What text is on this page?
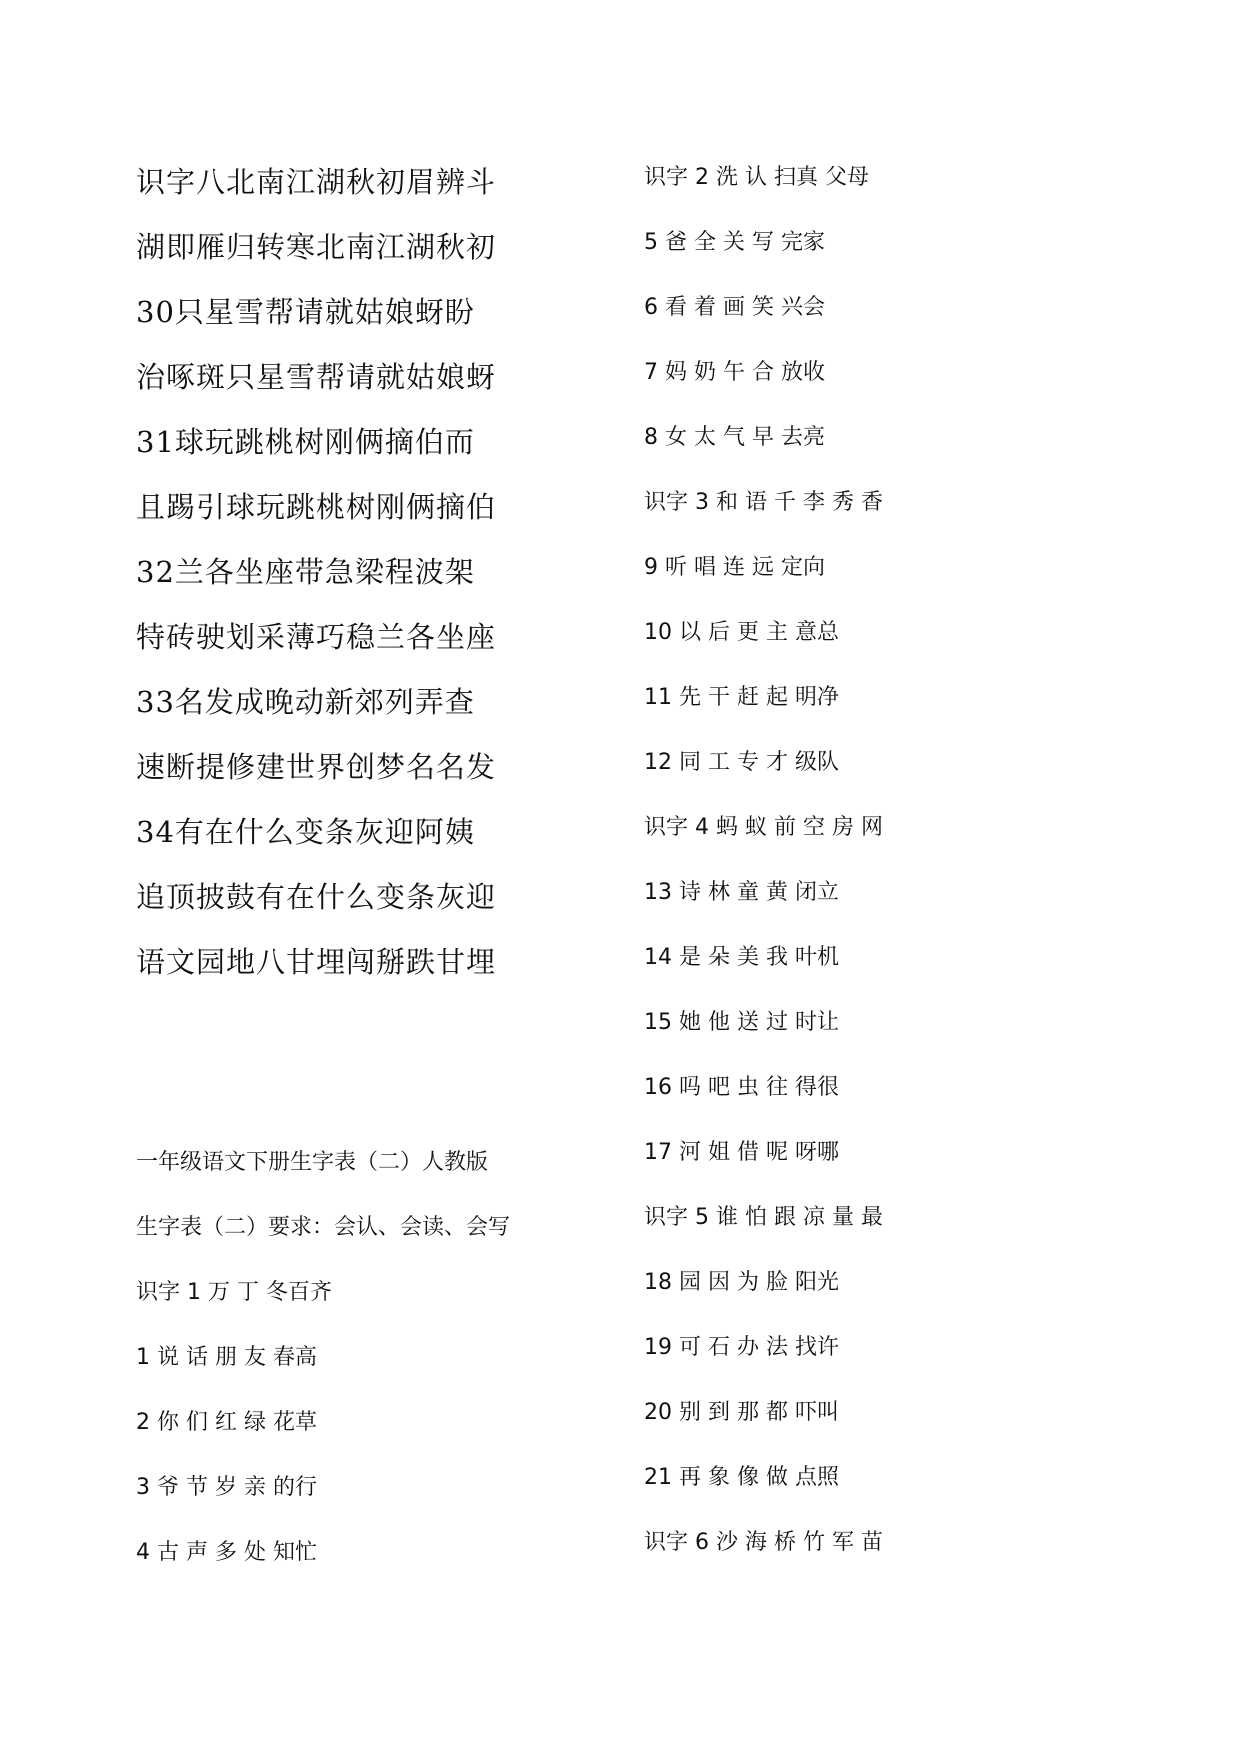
识字八北南江湖秋初眉辨斗
湖即雁归转寒北南江湖秋初
30只星雪帮请就姑娘蚜盼
治啄斑只星雪帮请就姑娘蚜
31球玩跳桃树刚俩摘伯而
且踢引球玩跳桃树刚俩摘伯
32兰各坐座带急梁程波架
特砖驶划采薄巧稳兰各坐座
33名发成晚动新郊列弄查
速断提修建世界创梦名名发
34有在什么变条灰迎阿姨
追顶披鼓有在什么变条灰迎
语文园地八甘埋闯掰跌甘埋
一年级语文下册生字表（二）人教版
生字表（二）要求：会认、会读、会写
识字 1 万 丁 冬百齐
1 说 话 朋 友 春高
2 你 们 红 绿 花草
3 爷 节 岁 亲 的行
4 古 声 多 处 知忙
识字 2 洗 认 扫真 父母
5 爸 全 关 写 完家
6 看 着 画 笑 兴会
7 妈 奶 午 合 放收
8 女 太 气 早 去亮
识字 3 和 语 千 李 秀 香
9 听 唱 连 远 定向
10 以 后 更 主 意总
11 先 干 赶 起 明净
12 同 工 专 才 级队
识字 4 蚂 蚁 前 空 房 网
13 诗 林 童 黄 闭立
14 是 朵 美 我 叶机
15 她 他 送 过 时让
16 吗 吧 虫 往 得很
17 河 姐 借 呢 呀哪
识字 5 谁 怕 跟 凉 量 最
18 园 因 为 脸 阳光
19 可 石 办 法 找许
20 别 到 那 都 吓叫
21 再 象 像 做 点照
识字 6 沙 海 桥 竹 军 苗
